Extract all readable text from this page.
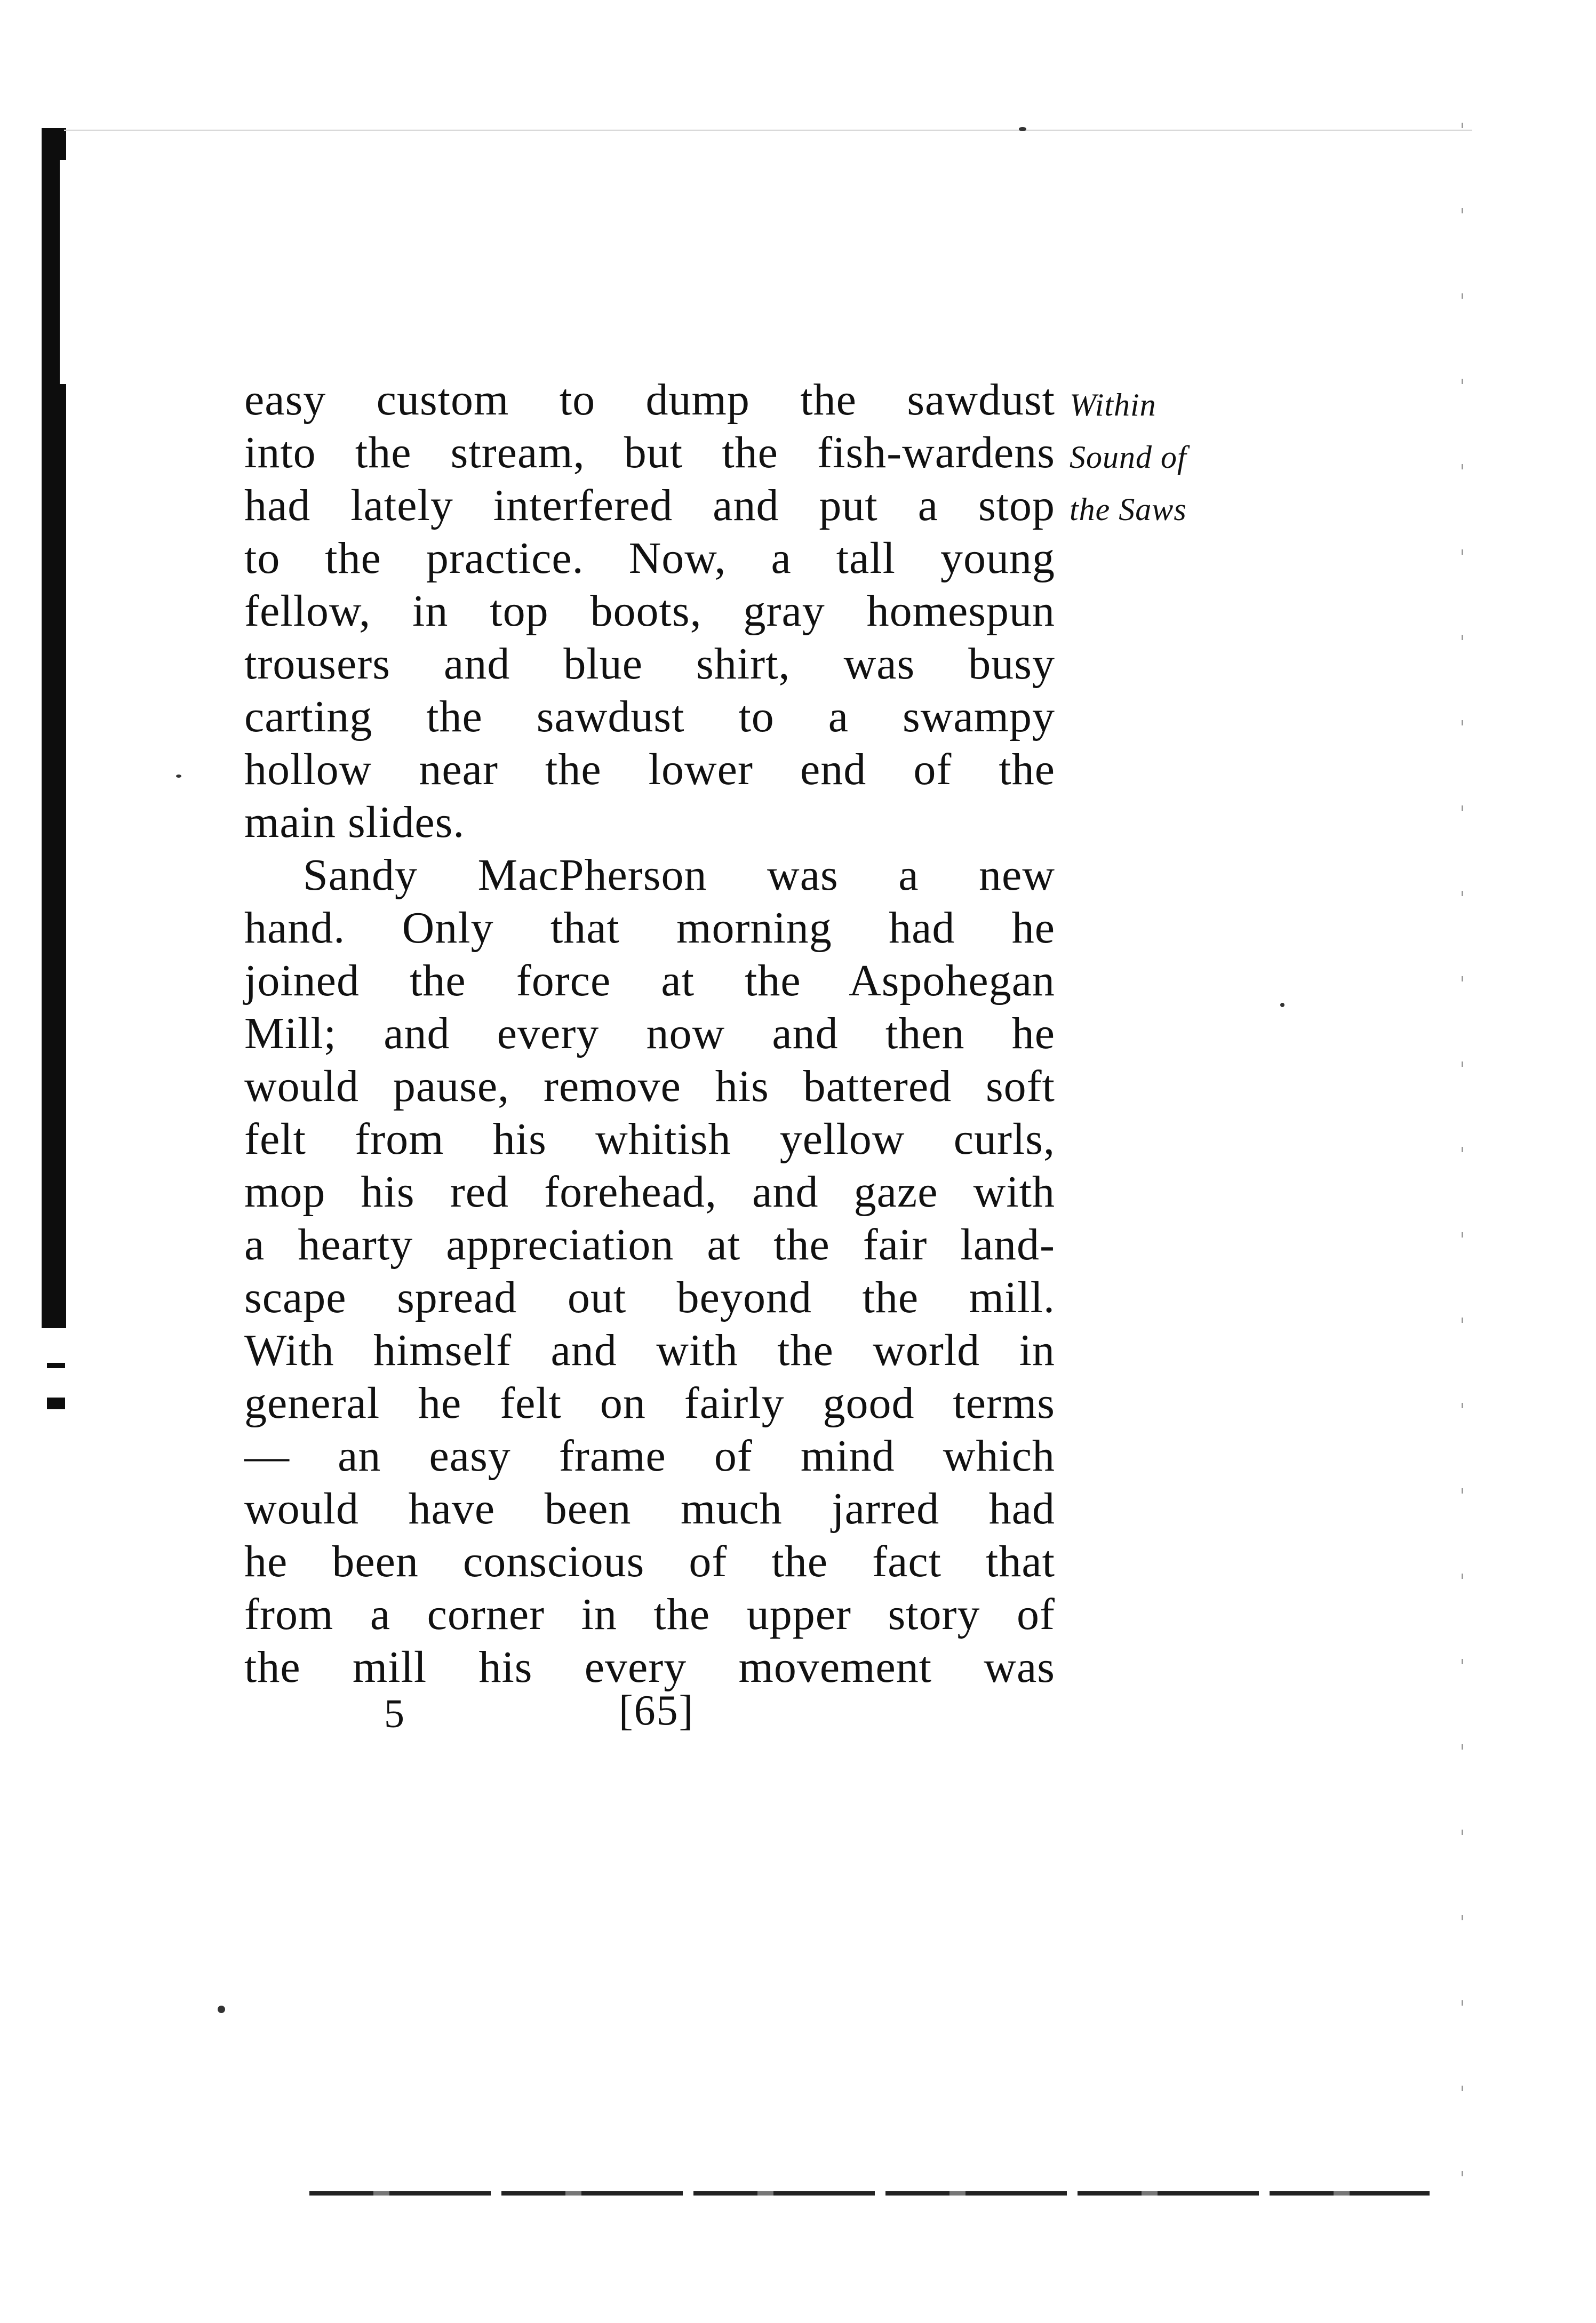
Within
Sound of
the Saws
easy custom to dump the sawdust
into the stream, but the fish-wardens
had lately interfered and put a stop
to the practice. Now, a tall young
fellow, in top boots, gray homespun
trousers and blue shirt, was busy
carting the sawdust to a swampy
hollow near the lower end of the
main slides.
Sandy MacPherson was a new
hand. Only that morning had he
joined the force at the Aspohegan
Mill; and every now and then he
would pause, remove his battered soft
felt from his whitish yellow curls,
mop his red forehead, and gaze with
a hearty appreciation at the fair land-
scape spread out beyond the mill.
With himself and with the world in
general he felt on fairly good terms
— an easy frame of mind which
would have been much jarred had
he been conscious of the fact that
from a corner in the upper story of
the mill his every movement was
5	[65]
